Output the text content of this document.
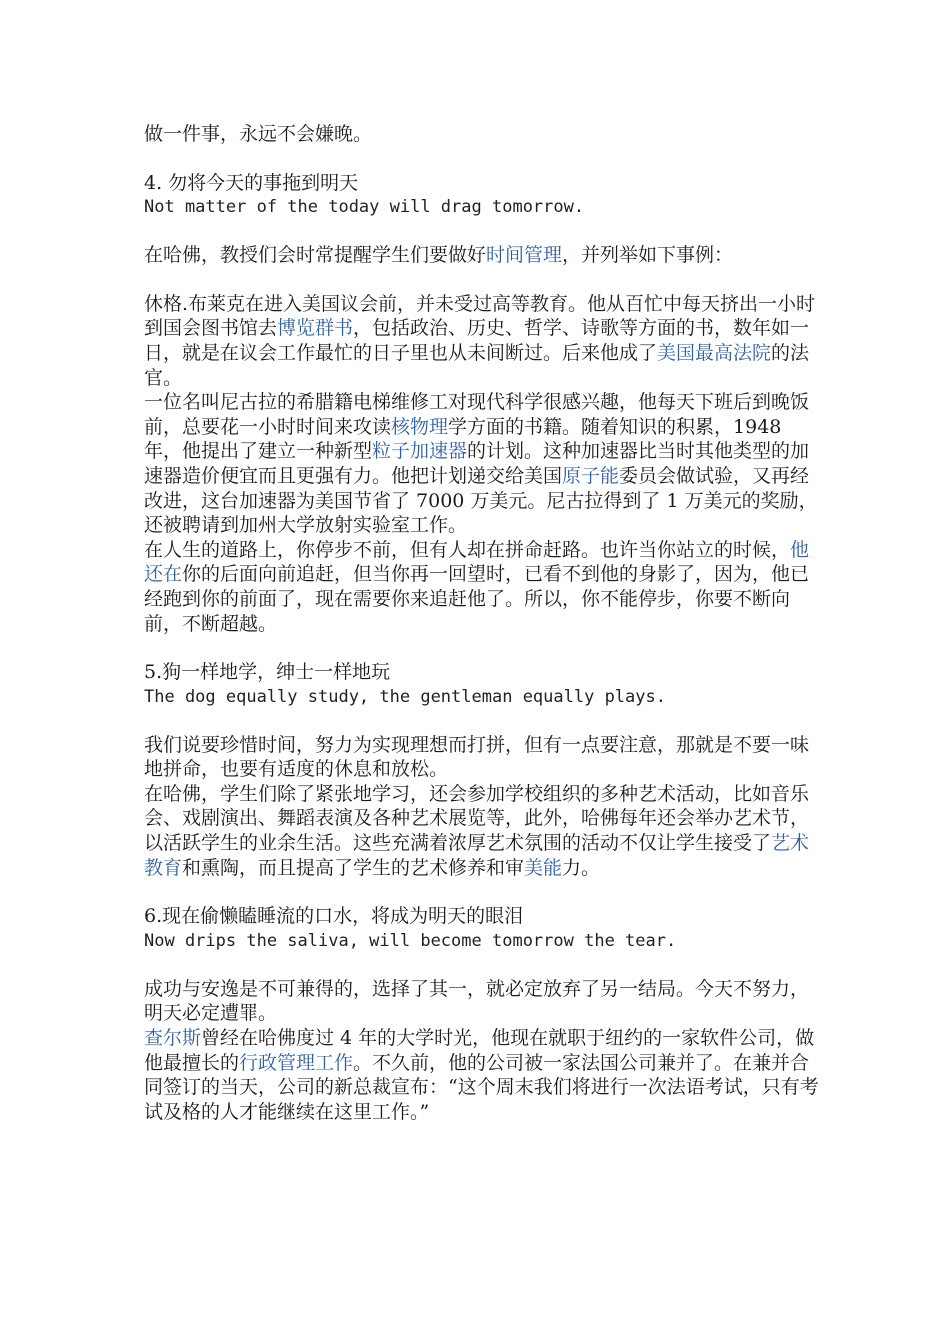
做一件事，永远不会嫌晚。

4. 勿将今天的事拖到明天

Not matter of the today will drag tomorrow.

在哈佛，教授们会时常提醒学生们要做好时间管理，并列举如下事例：

休格.布莱克在进入美国议会前，并未受过高等教育。他从百忙中每天挤出一小时到国会图书馆去博览群书，包括政治、历史、哲学、诗歌等方面的书，数年如一日，就是在议会工作最忙的日子里也从未间断过。后来他成了美国最高法院的法官。

一位名叫尼古拉的希腊籍电梯维修工对现代科学很感兴趣，他每天下班后到晚饭前，总要花一小时时间来攻读核物理学方面的书籍。随着知识的积累，1948 年，他提出了建立一种新型粒子加速器的计划。这种加速器比当时其他类型的加速器造价便宜而且更强有力。他把计划递交给美国原子能委员会做试验，又再经改进，这台加速器为美国节省了 7000 万美元。尼古拉得到了 1 万美元的奖励，还被聘请到加州大学放射实验室工作。

在人生的道路上，你停步不前，但有人却在拼命赶路。也许当你站立的时候，他还在你的后面向前追赶，但当你再一回望时，已看不到他的身影了，因为，他已经跑到你的前面了，现在需要你来追赶他了。所以，你不能停步，你要不断向前，不断超越。

5.狗一样地学，绅士一样地玩

The dog equally study, the gentleman equally plays.

我们说要珍惜时间，努力为实现理想而打拼，但有一点要注意，那就是不要一味地拼命，也要有适度的休息和放松。

在哈佛，学生们除了紧张地学习，还会参加学校组织的多种艺术活动，比如音乐会、戏剧演出、舞蹈表演及各种艺术展览等，此外，哈佛每年还会举办艺术节，以活跃学生的业余生活。这些充满着浓厚艺术氛围的活动不仅让学生接受了艺术教育和熏陶，而且提高了学生的艺术修养和审美能力。

6.现在偷懒瞌睡流的口水，将成为明天的眼泪

Now drips the saliva, will become tomorrow the tear.

成功与安逸是不可兼得的，选择了其一，就必定放弃了另一结局。今天不努力，明天必定遭罪。

查尔斯曾经在哈佛度过 4 年的大学时光，他现在就职于纽约的一家软件公司，做他最擅长的行政管理工作。不久前，他的公司被一家法国公司兼并了。在兼并合同签订的当天，公司的新总裁宣布：“这个周末我们将进行一次法语考试，只有考试及格的人才能继续在这里工作。”
